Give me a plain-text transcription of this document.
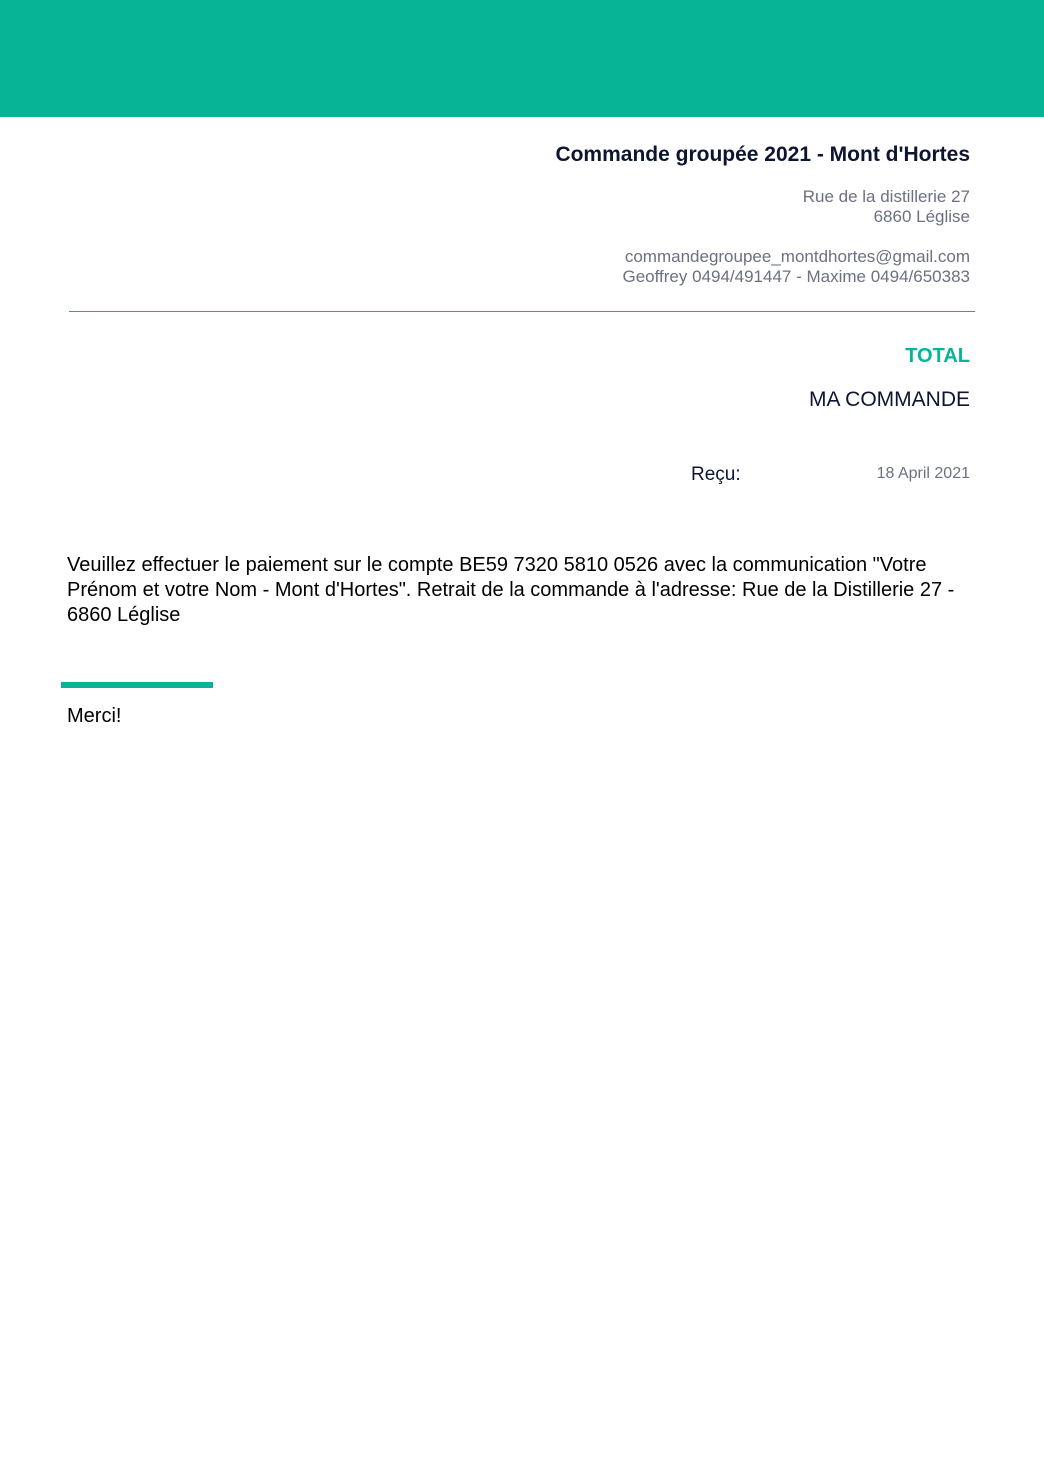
Commande groupée 2021 - Mont d'Hortes
Rue de la distillerie 27
6860 Léglise
commandegroupee_montdhortes@gmail.com
Geoffrey 0494/491447 - Maxime 0494/650383
TOTAL
MA COMMANDE
Reçu:	18 April 2021
Veuillez effectuer le paiement sur le compte BE59 7320 5810 0526 avec la communication "Votre Prénom et votre Nom - Mont d'Hortes". Retrait de la commande à l'adresse: Rue de la Distillerie 27 - 6860 Léglise
Merci!
